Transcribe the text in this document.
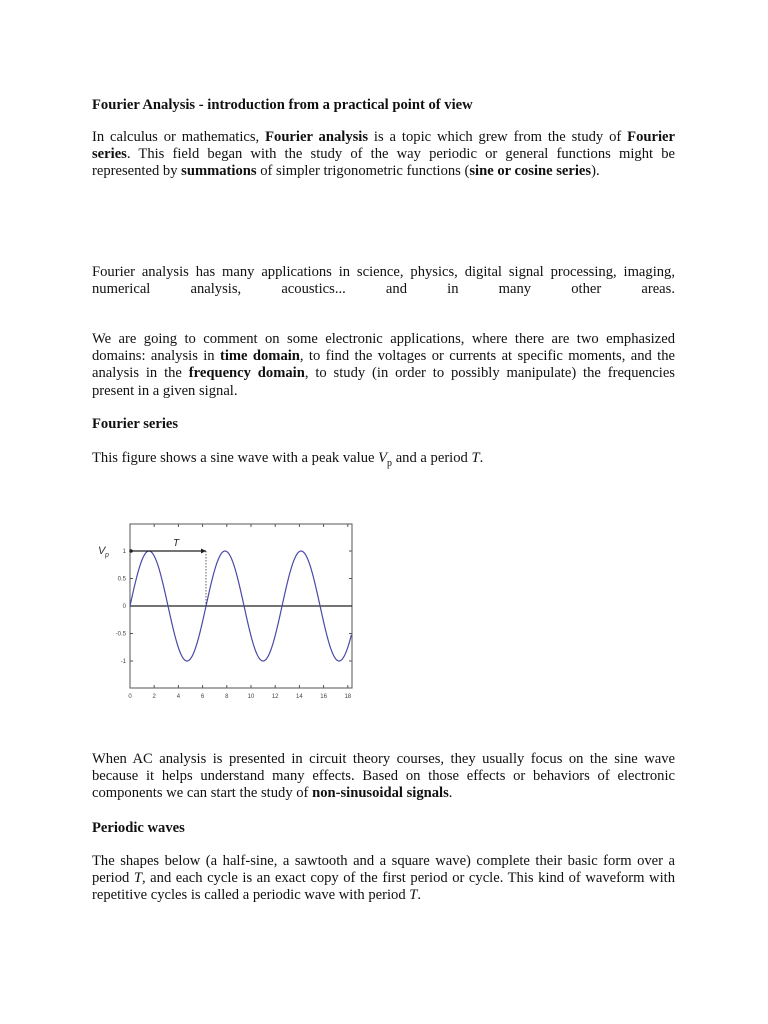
Fourier Analysis - introduction from a practical point of view

In calculus or mathematics, Fourier analysis is a topic which grew from the study of Fourier series. This field began with the study of the way periodic or general functions might be represented by summations of simpler trigonometric functions (sine or cosine series).

Fourier analysis has many applications in science, physics, digital signal processing, imaging,
numerical analysis, acoustics... and in many other areas.

We are going to comment on some electronic applications, where there are two emphasized domains: analysis in time domain, to find the voltages or currents at specific moments, and the analysis in the frequency domain, to study (in order to possibly manipulate) the frequencies present in a given signal.

Fourier series

This figure shows a sine wave with a peak value $V_p$ and a period T.

When AC analysis is presented in circuit theory courses, they usually focus on the sine wave because it helps understand many effects. Based on those effects or behaviors of electronic components we can start the study of non-sinusoidal signals.

Periodic waves

The shapes below (a half-sine, a sawtooth and a square wave) complete their basic form over a period T, and each cycle is an exact copy of the first period or cycle. This kind of waveform with repetitive cycles is called a periodic wave with period T.

0	2	4	6	8	10	12	14	16	18
1
0.5
0
-0.5
-1
T
V p
